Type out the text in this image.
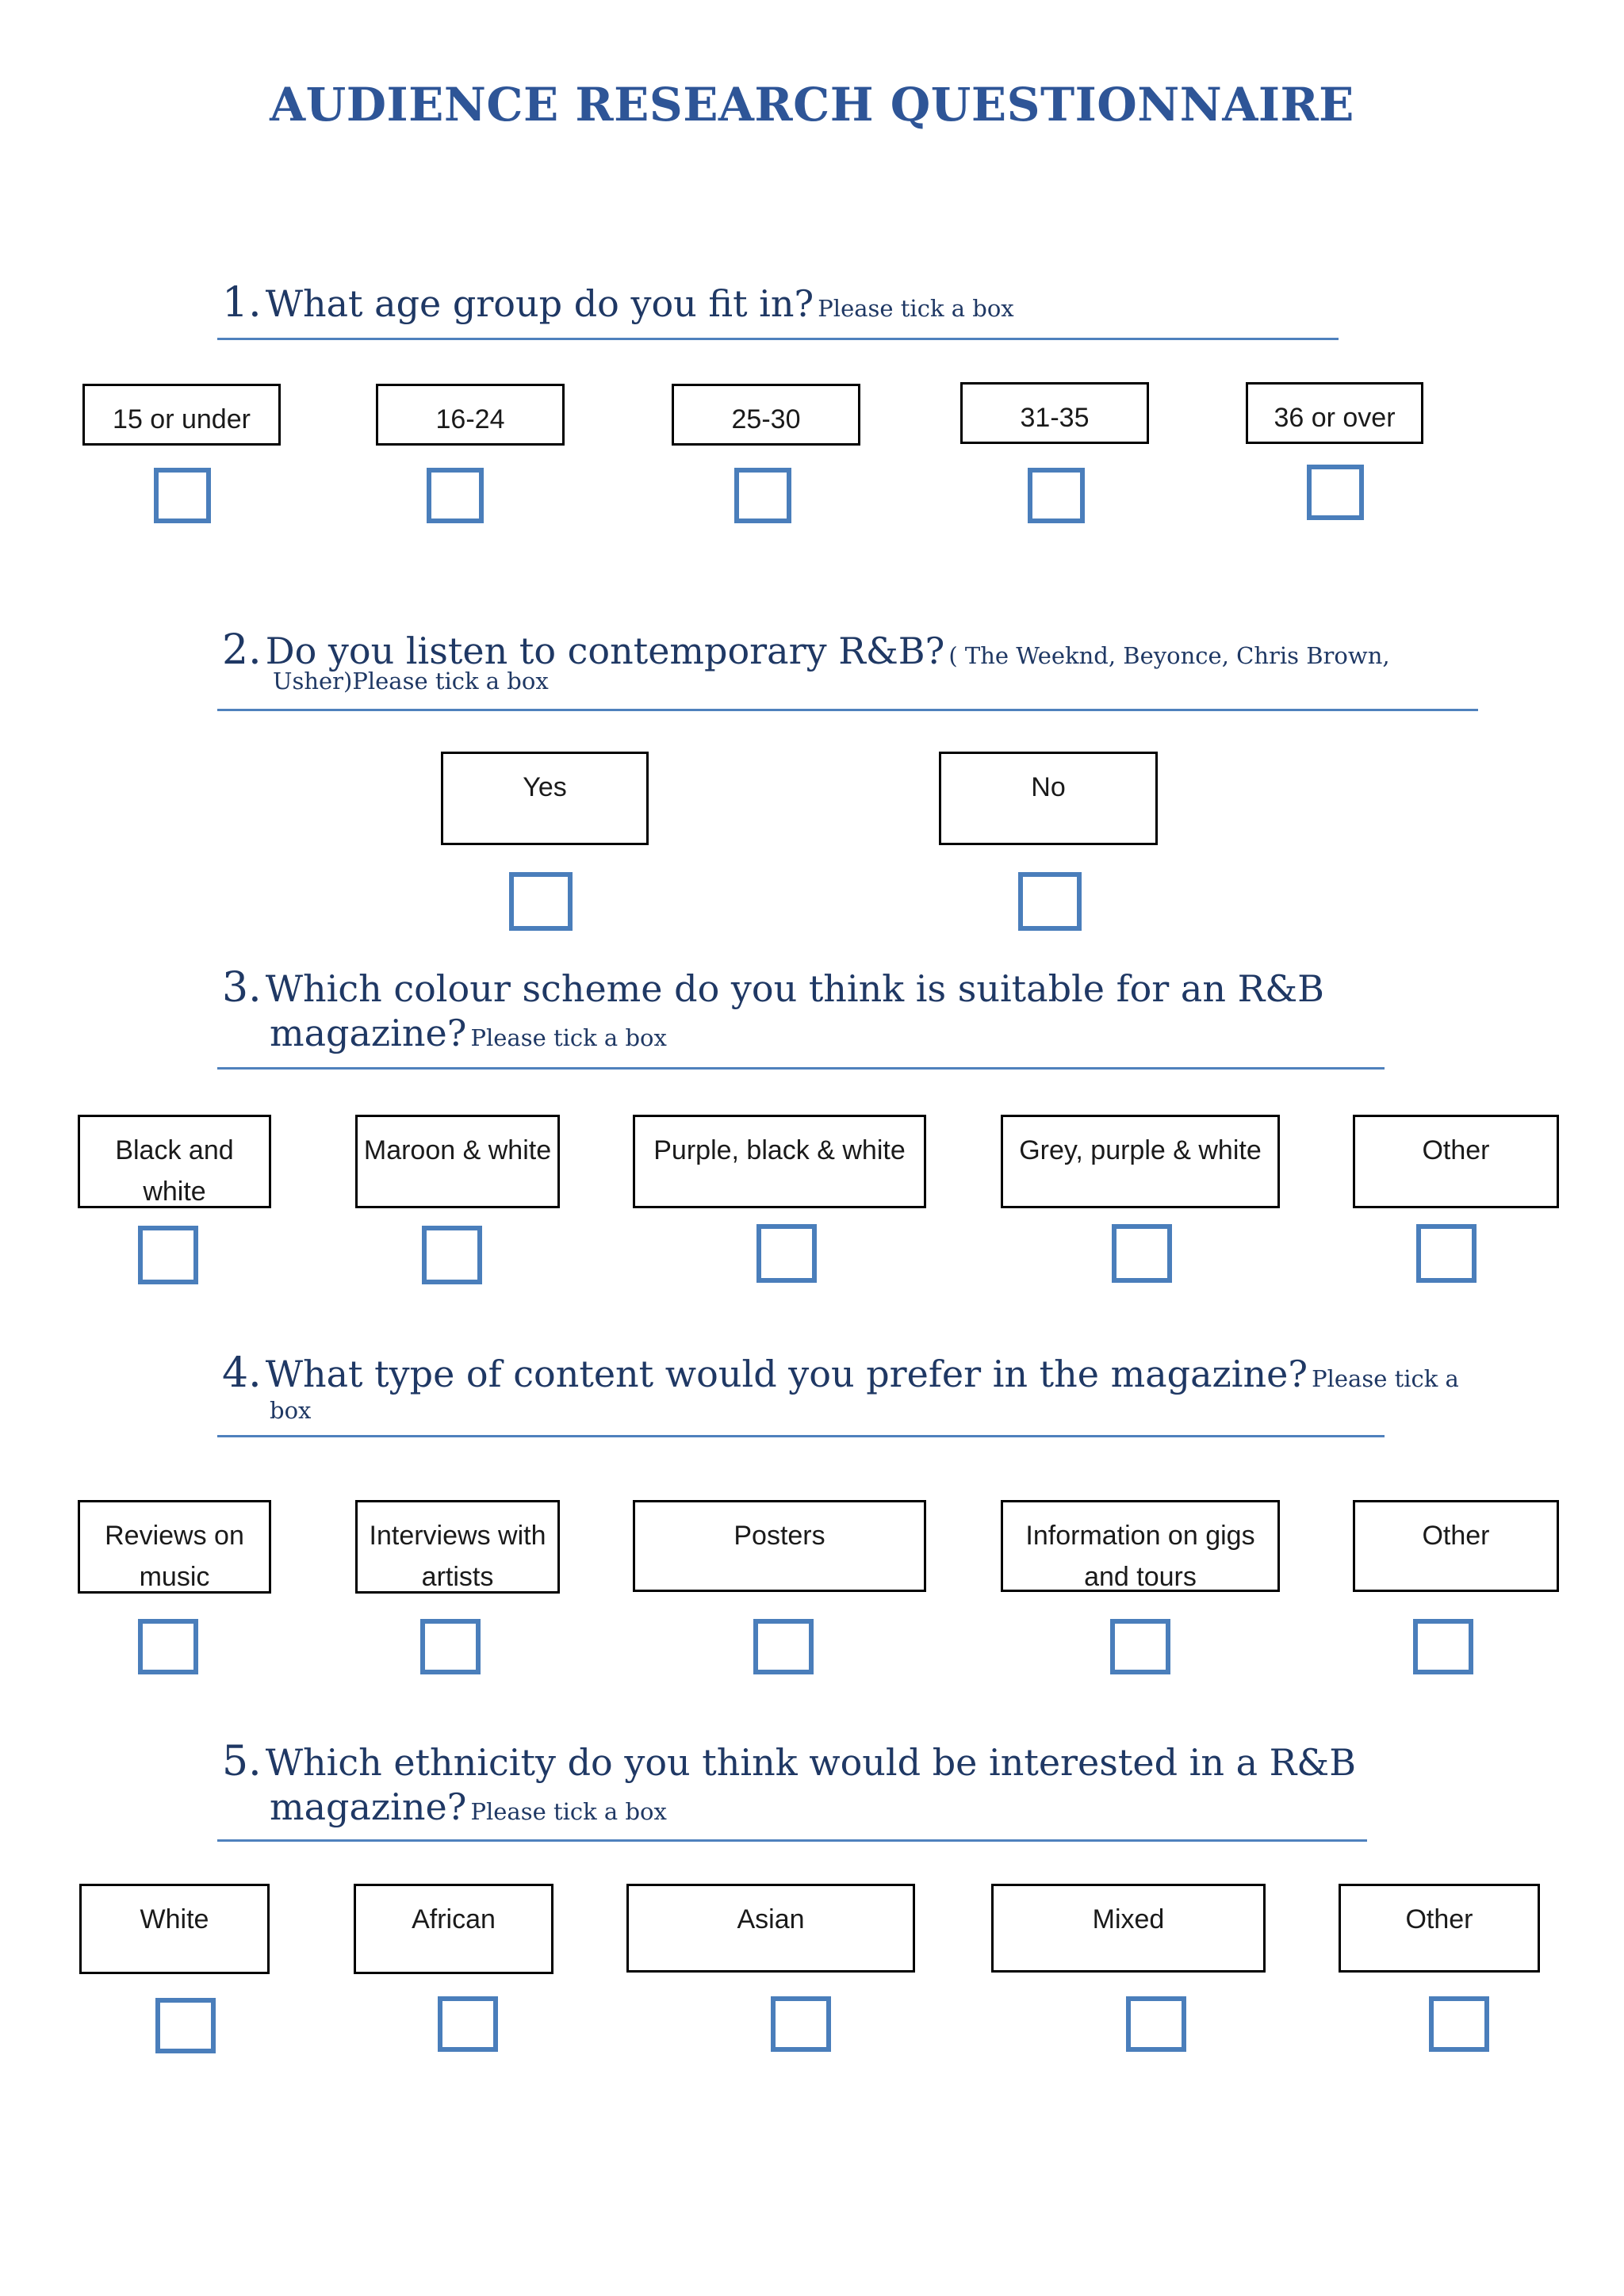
AUDIENCE RESEARCH QUESTIONNAIRE
1. What age group do you fit in? Please tick a box
15 or under	16-24	25-30	31-35	36 or over
2. Do you listen to contemporary R&B? ( The Weeknd, Beyonce, Chris Brown,
Usher)Please tick a box
Yes	No
3. Which colour scheme do you think is suitable for an R&B
magazine? Please tick a box
Black and white
Maroon & white	Purple, black & white	Grey, purple & white	Other
4. What type of content would you prefer in the magazine? Please tick a
box
Reviews on music
Interviews with artists
Posters	Information on gigs and tours
Other
5. Which ethnicity do you think would be interested in a R&B
magazine? Please tick a box
White	African	Asian	Mixed	Other
